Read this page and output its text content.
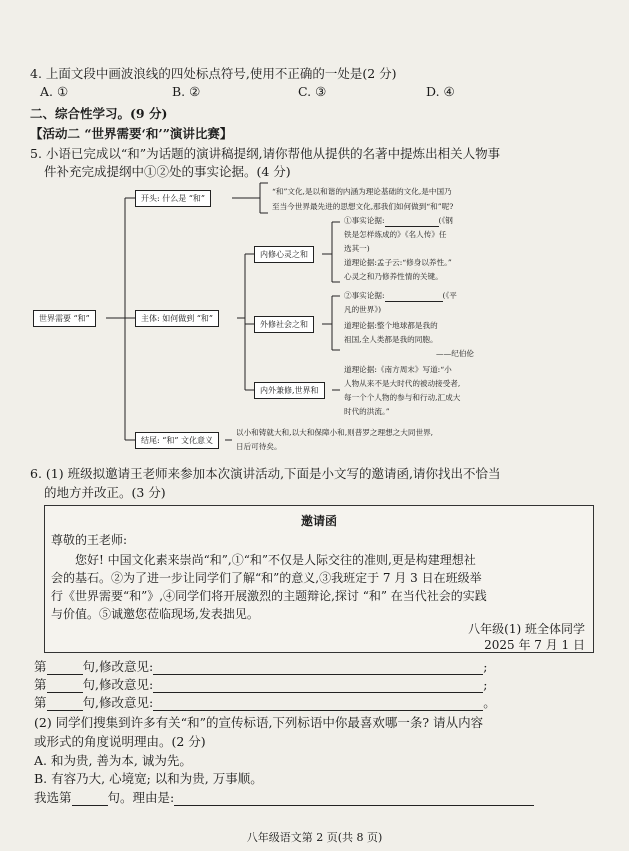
4. 上面文段中画波浪线的四处标点符号,使用不正确的一处是(2 分)
A. ①	B. ②	C. ③	D. ④
二、综合性学习。(9 分)
【活动二 “世界需要‘和’”演讲比赛】
5. 小语已完成以“和”为话题的演讲稿提纲,请你帮他从提供的名著中提炼出相关人物事
件补充完成提纲中①②处的事实论据。(4 分)
世界需要 “和”
开头: 什么是 “和”
主体: 如何做到 “和”
结尾: “和” 文化意义
内修心灵之和
外修社会之和
内外兼修,世界和
“和”文化,是以和谐的内涵为理论基础的文化,是中国乃
至当今世界最先进的思想文化,那我们如何做到“和”呢?
①事实论据:	(《钢
铁是怎样炼成的》《名人传》任
选其一)
道理论据:孟子云:“修身以养性。”
心灵之和乃修养性情的关键。
②事实论据:	(《平
凡的世界》)
道理论据:整个地球都是我的
祖国,全人类都是我的同胞。
——纪伯伦
道理论据:《南方周末》写道:“小
人物从来不是大时代的被动接受者,
每一个个人物的参与和行动,汇成大
时代的洪流。”
以小和铸就大和,以大和保障小和,则普罗之理想之大同世界,
日后可待矣。
6. (1) 班级拟邀请王老师来参加本次演讲活动,下面是小文写的邀请函,请你找出不恰当
的地方并改正。(3 分)
邀请函
尊敬的王老师:
您好! 中国文化素来崇尚“和”,①“和”不仅是人际交往的准则,更是构建理想社
会的基石。②为了进一步让同学们了解“和”的意义,③我班定于 7 月 3 日在班级举
行《世界需要“和”》,④同学们将开展激烈的主题辩论,探讨 “和” 在当代社会的实践
与价值。⑤诚邀您莅临现场,发表拙见。
八年级(1) 班全体同学
2025 年 7 月 1 日
第	句,修改意见:	;
第	句,修改意见:	;
第	句,修改意见:	。
(2) 同学们搜集到许多有关“和”的宣传标语,下列标语中你最喜欢哪一条? 请从内容
或形式的角度说明理由。(2 分)
A. 和为贵, 善为本, 诚为先。
B. 有容乃大, 心境宽; 以和为贵, 万事顺。
我选第	句。理由是:
八年级语文第 2 页(共 8 页)
